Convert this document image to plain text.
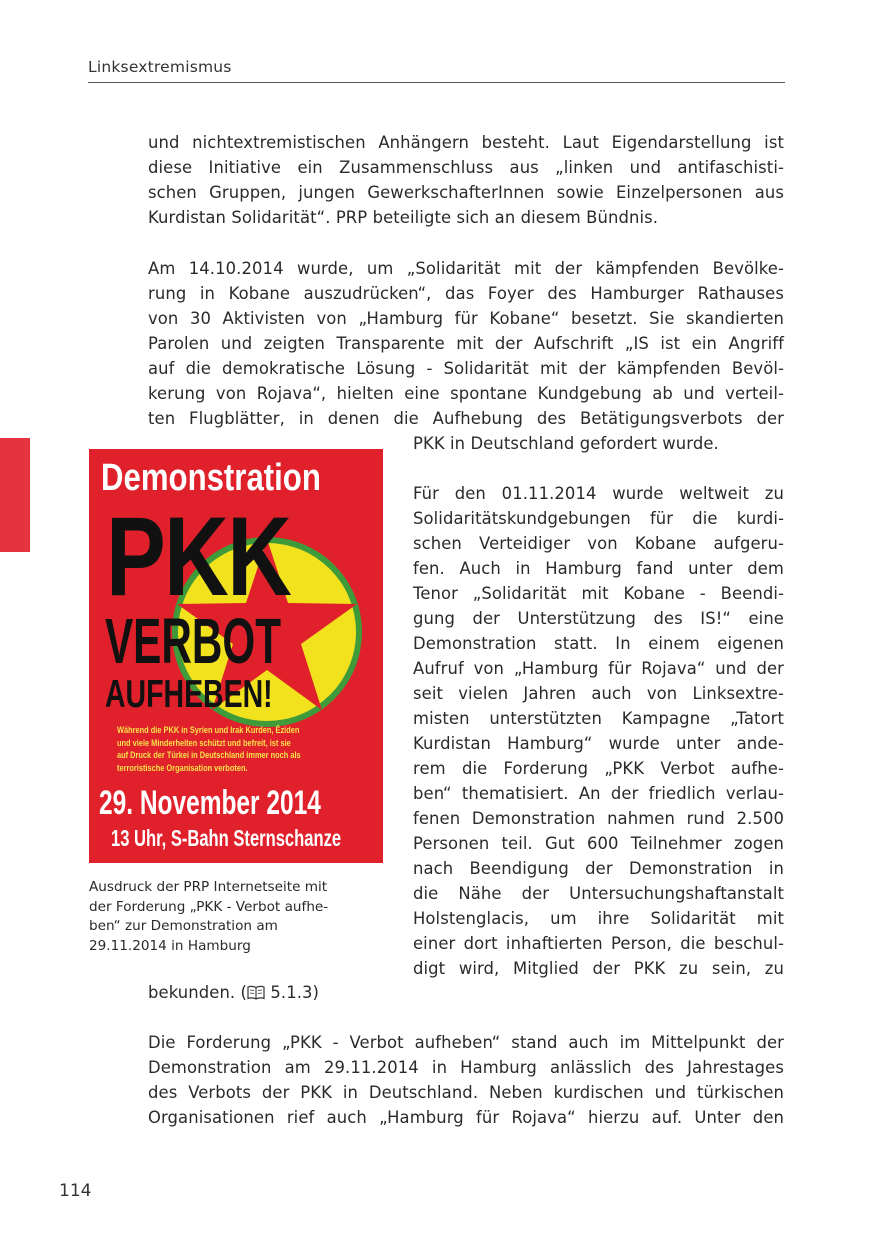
Linksextremismus
und nichtextremistischen Anhängern besteht. Laut Eigendarstellung ist
diese Initiative ein Zusammenschluss aus „linken und antifaschisti-
schen Gruppen, jungen GewerkschafterInnen sowie Einzelpersonen aus
Kurdistan Solidarität“. PRP beteiligte sich an diesem Bündnis.
Am 14.10.2014 wurde, um „Solidarität mit der kämpfenden Bevölke-
rung in Kobane auszudrücken“, das Foyer des Hamburger Rathauses
von 30 Aktivisten von „Hamburg für Kobane“ besetzt. Sie skandierten
Parolen und zeigten Transparente mit der Aufschrift „IS ist ein Angriff
auf die demokratische Lösung - Solidarität mit der kämpfenden Bevöl-
kerung von Rojava“, hielten eine spontane Kundgebung ab und verteil-
ten Flugblätter, in denen die Aufhebung des Betätigungsverbots der
PKK in Deutschland gefordert wurde.
Demonstration
PKK
VERBOT
AUFHEBEN!
Während die PKK in Syrien und Irak Kurden, Êziden
und viele Minderheiten schützt und befreit, ist sie
auf Druck der Türkei in Deutschland immer noch als
terroristische Organisation verboten.
29. November 2014
13 Uhr, S-Bahn Sternschanze
Ausdruck der PRP Internetseite mit
der Forderung „PKK - Verbot aufhe-
ben“ zur Demonstration am
29.11.2014 in Hamburg
Für den 01.11.2014 wurde weltweit zu
Solidaritätskundgebungen für die kurdi-
schen Verteidiger von Kobane aufgeru-
fen. Auch in Hamburg fand unter dem
Tenor „Solidarität mit Kobane - Beendi-
gung der Unterstützung des IS!“ eine
Demonstration statt. In einem eigenen
Aufruf von „Hamburg für Rojava“ und der
seit vielen Jahren auch von Linksextre-
misten unterstützten Kampagne „Tatort
Kurdistan Hamburg“ wurde unter ande-
rem die Forderung „PKK Verbot aufhe-
ben“ thematisiert. An der friedlich verlau-
fenen Demonstration nahmen rund 2.500
Personen teil. Gut 600 Teilnehmer zogen
nach Beendigung der Demonstration in
die Nähe der Untersuchungshaftanstalt
Holstenglacis, um ihre Solidarität mit
einer dort inhaftierten Person, die beschul-
digt wird, Mitglied der PKK zu sein, zu
bekunden. ( 5.1.3)
Die Forderung „PKK - Verbot aufheben“ stand auch im Mittelpunkt der
Demonstration am 29.11.2014 in Hamburg anlässlich des Jahrestages
des Verbots der PKK in Deutschland. Neben kurdischen und türkischen
Organisationen rief auch „Hamburg für Rojava“ hierzu auf. Unter den
114
